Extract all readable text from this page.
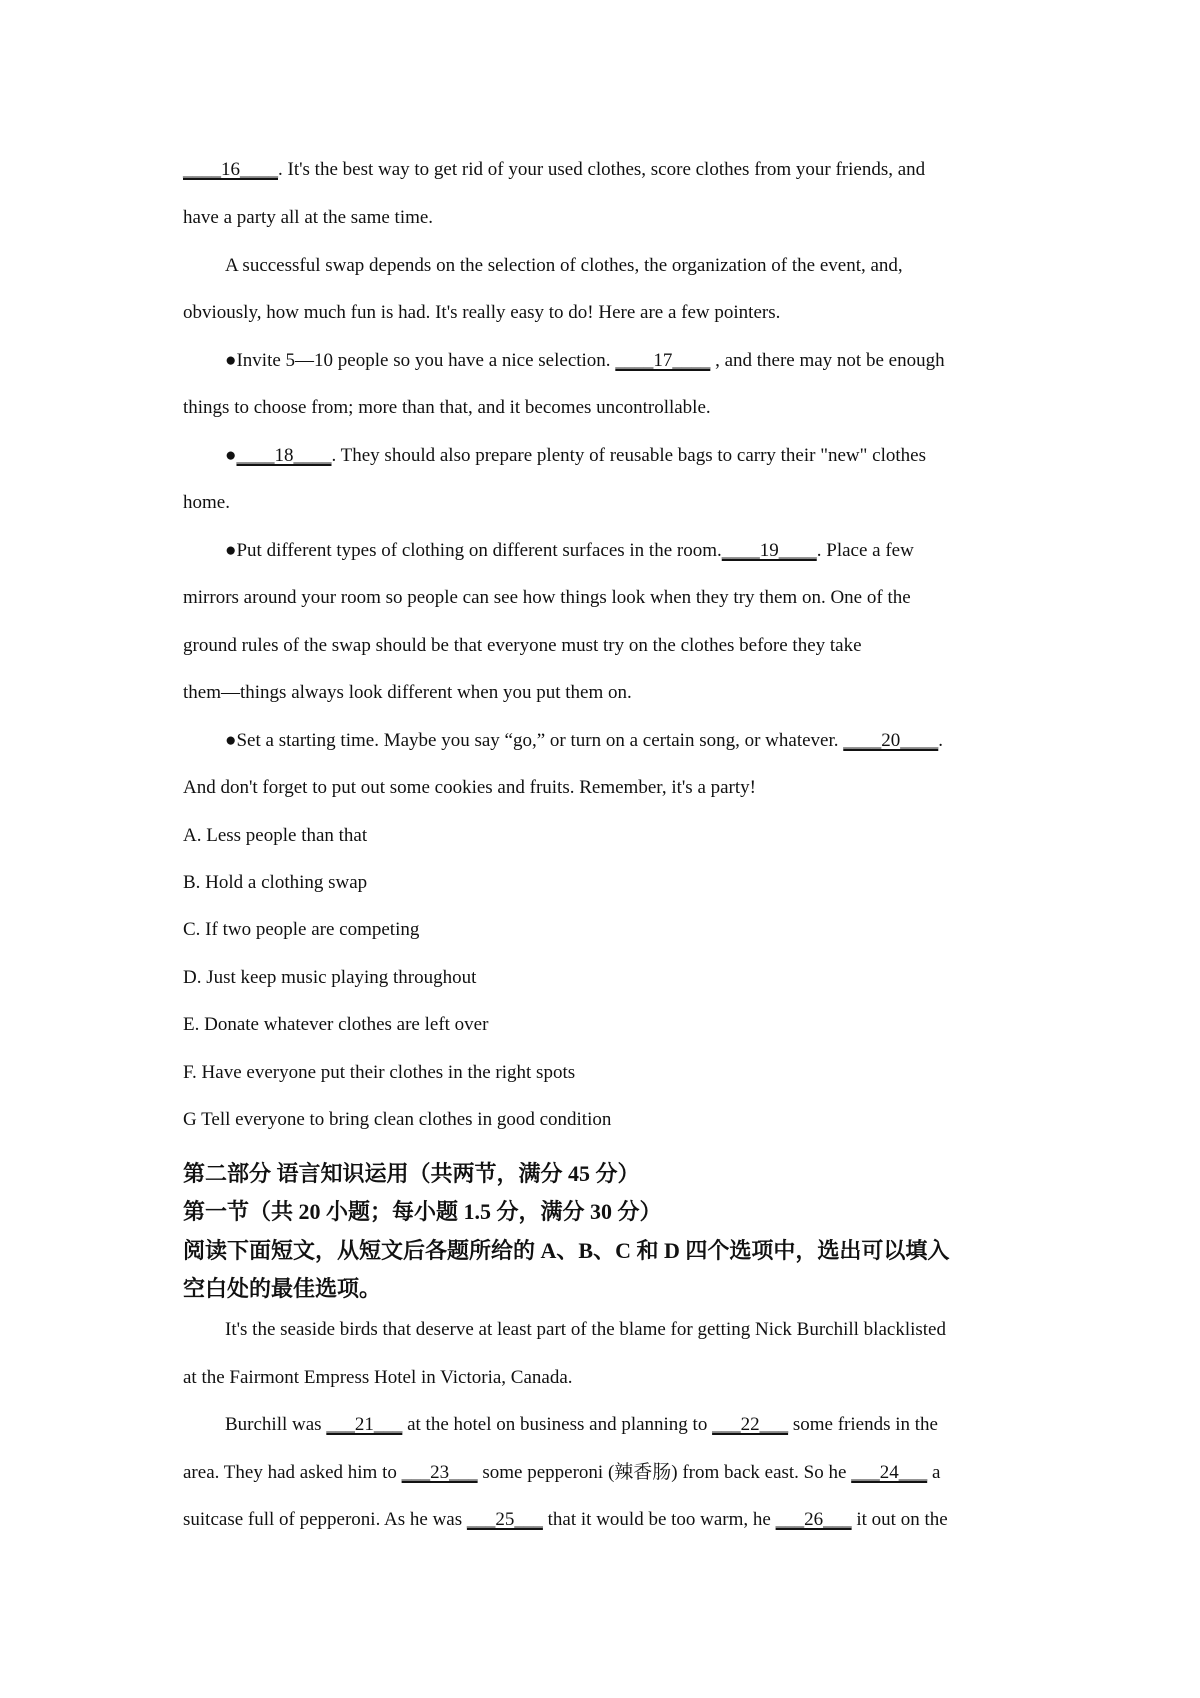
____16____. It's the best way to get rid of your used clothes, score clothes from your friends, and
have a party all at the same time.
A successful swap depends on the selection of clothes, the organization of the event, and,
obviously, how much fun is had. It's really easy to do! Here are a few pointers.
●Invite 5—10 people so you have a nice selection. ____17____ , and there may not be enough
things to choose from; more than that, and it becomes uncontrollable.
●____18____. They should also prepare plenty of reusable bags to carry their "new" clothes
home.
●Put different types of clothing on different surfaces in the room.____19____. Place a few
mirrors around your room so people can see how things look when they try them on. One of the
ground rules of the swap should be that everyone must try on the clothes before they take
them—things always look different when you put them on.
●Set a starting time. Maybe you say “go,” or turn on a certain song, or whatever. ____20____.
And don't forget to put out some cookies and fruits. Remember, it's a party!
A. Less people than that
B. Hold a clothing swap
C. If two people are competing
D. Just keep music playing throughout
E. Donate whatever clothes are left over
F. Have everyone put their clothes in the right spots
G Tell everyone to bring clean clothes in good condition
第二部分 语言知识运用（共两节，满分 45 分）
第一节（共 20 小题；每小题 1.5 分，满分 30 分）
阅读下面短文，从短文后各题所给的 A、B、C 和 D 四个选项中，选出可以填入
空白处的最佳选项。
It's the seaside birds that deserve at least part of the blame for getting Nick Burchill blacklisted
at the Fairmont Empress Hotel in Victoria, Canada.
Burchill was ___21___ at the hotel on business and planning to ___22___ some friends in the
area. They had asked him to ___23___ some pepperoni (辣香肠) from back east. So he ___24___ a
suitcase full of pepperoni. As he was ___25___ that it would be too warm, he ___26___ it out on the
